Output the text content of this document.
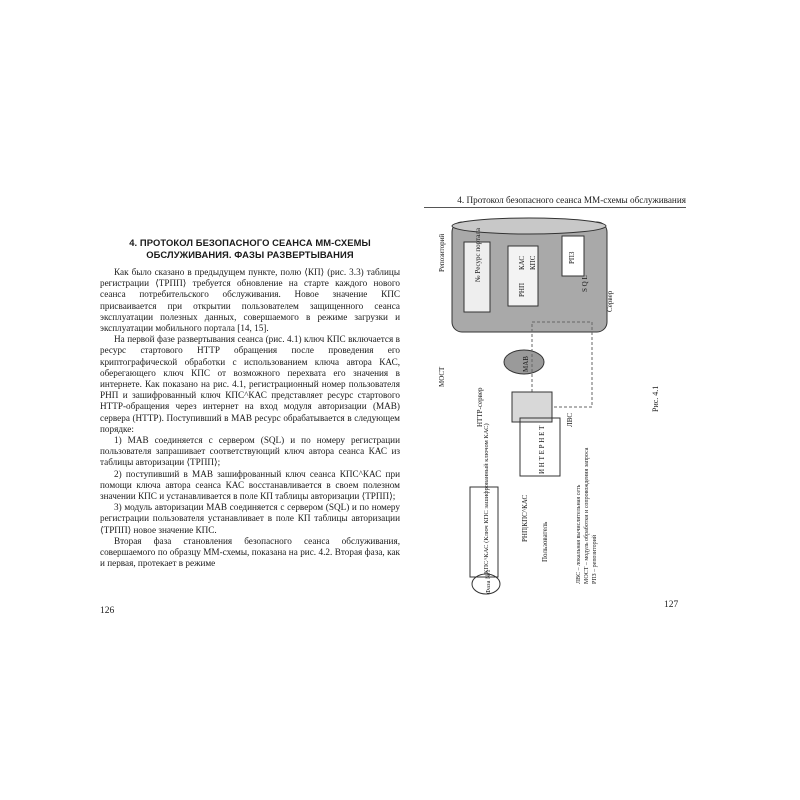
4. ПРОТОКОЛ БЕЗОПАСНОГО СЕАНСА ММ-СХЕМЫ
ОБСЛУЖИВАНИЯ. ФАЗЫ РАЗВЕРТЫВАНИЯ

Как было сказано в предыдущем пункте, полю ⟨КП⟩ (рис. 3.3) таблицы регистрации ⟨ТРПП⟩ требуется обновление на старте каждого нового сеанса потребительского обслуживания. Новое значение КПС присваивается при открытии пользователем защищенного сеанса эксплуатации полезных данных, совершаемого в режиме загрузки и эксплуатации мобильного портала [14, 15].

На первой фазе развертывания сеанса (рис. 4.1) ключ КПС включается в ресурс стартового HTTP обращения после проведения его криптографической обработки с использованием ключа автора КАС, оберегающего ключ КПС от возможного перехвата его значения в интернете. Как показано на рис. 4.1, регистрационный номер пользователя РНП и зашифрованный ключ КПС^КАС представляет ресурс стартового HTTP-обращения через интернет на вход модуля авторизации (МАВ) сервера (HTTP). Поступивший в МАВ ресурс обрабатывается в следующем порядке:

1) МАВ соединяется с сервером (SQL) и по номеру регистрации пользователя запрашивает соответствующий ключ автора сеанса КАС из таблицы авторизации ⟨ТРПП⟩;

2) поступивший в МАВ зашифрованный ключ сеанса КПС^КАС при помощи ключа автора сеанса КАС восстанавливается в своем полезном значении КПС и устанавливается в поле КП таблицы авторизации ⟨ТРПП⟩;

3) модуль авторизации МАВ соединяется с сервером (SQL) и по номеру регистрации пользователя устанавливает в поле КП таблицы авторизации ⟨ТРПП⟩ новое значение КПС.

Вторая фаза становления безопасного сеанса обслуживания, совершаемого по образцу ММ-схемы, показана на рис. 4.2. Вторая фаза, как и первая, протекает в режиме

126
4. Протокол безопасного сеанса ММ-схемы обслуживания
Репозиторий	№ Ресурс портала
РНП
КАС КПС	РПЗ
S Q L
Сервер
МАВ
МОСТ
HTTP-сервер
И Н Т Е Р Н Е Т
ЛВС
КПС^КАС (Ключ КПС зашифрованный ключом КАС)	РНП|КПС^КАС Пользователь
Фаза №1	ЛВС – локальная вычислительная сеть МОСТ – модуль обработки и сопровождения запроса РПЗ – репозиторий
Рис. 4.1
127
